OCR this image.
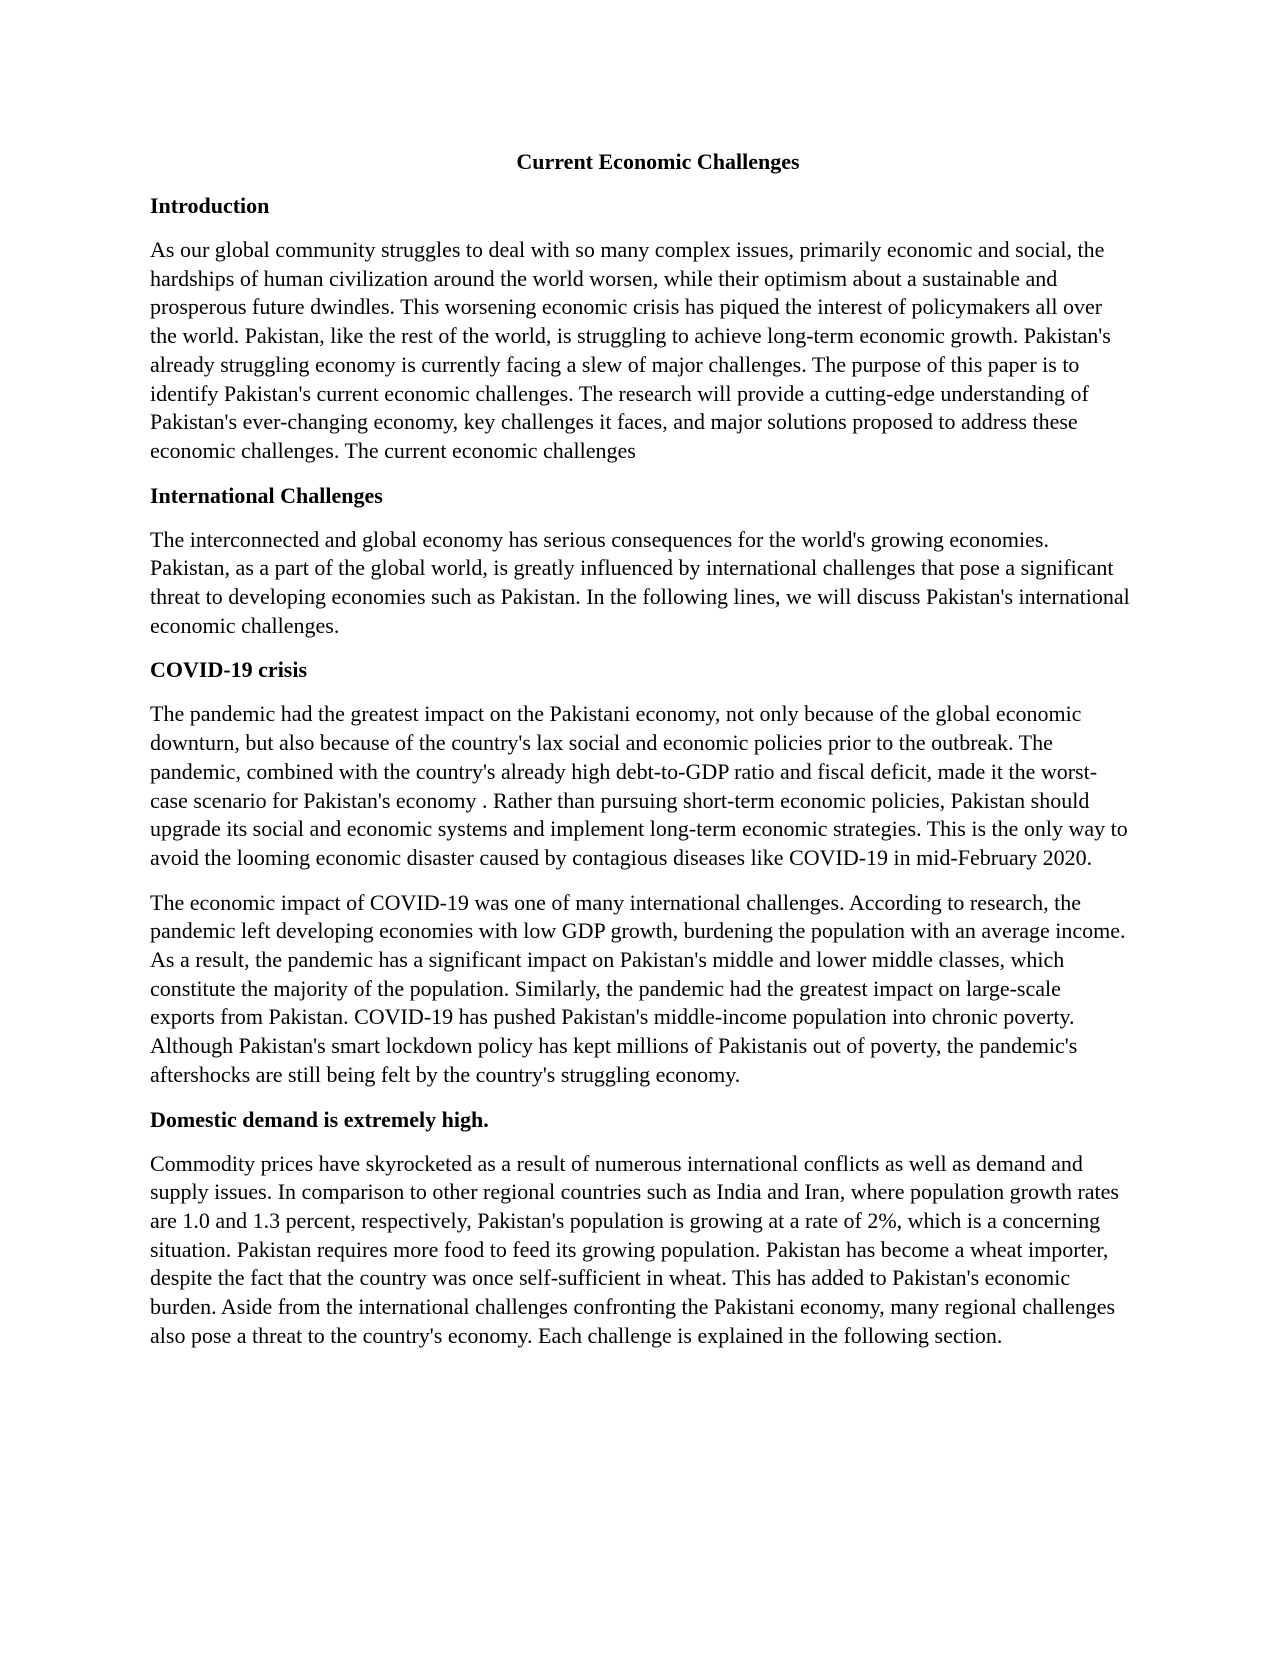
Current Economic Challenges
Introduction

As our global community struggles to deal with so many complex issues, primarily economic and social, the hardships of human civilization around the world worsen, while their optimism about a sustainable and prosperous future dwindles. This worsening economic crisis has piqued the interest of policymakers all over the world. Pakistan, like the rest of the world, is struggling to achieve long-term economic growth. Pakistan's already struggling economy is currently facing a slew of major challenges. The purpose of this paper is to identify Pakistan's current economic challenges. The research will provide a cutting-edge understanding of Pakistan's ever-changing economy, key challenges it faces, and major solutions proposed to address these economic challenges. The current economic challenges

International Challenges

The interconnected and global economy has serious consequences for the world's growing economies. Pakistan, as a part of the global world, is greatly influenced by international challenges that pose a significant threat to developing economies such as Pakistan. In the following lines, we will discuss Pakistan's international economic challenges.

COVID-19 crisis

The pandemic had the greatest impact on the Pakistani economy, not only because of the global economic downturn, but also because of the country's lax social and economic policies prior to the outbreak. The pandemic, combined with the country's already high debt-to-GDP ratio and fiscal deficit, made it the worst-case scenario for Pakistan's economy . Rather than pursuing short-term economic policies, Pakistan should upgrade its social and economic systems and implement long-term economic strategies. This is the only way to avoid the looming economic disaster caused by contagious diseases like COVID-19 in mid-February 2020.

The economic impact of COVID-19 was one of many international challenges. According to research, the pandemic left developing economies with low GDP growth, burdening the population with an average income. As a result, the pandemic has a significant impact on Pakistan's middle and lower middle classes, which constitute the majority of the population. Similarly, the pandemic had the greatest impact on large-scale exports from Pakistan. COVID-19 has pushed Pakistan's middle-income population into chronic poverty. Although Pakistan's smart lockdown policy has kept millions of Pakistanis out of poverty, the pandemic's aftershocks are still being felt by the country's struggling economy.

Domestic demand is extremely high.

Commodity prices have skyrocketed as a result of numerous international conflicts as well as demand and supply issues. In comparison to other regional countries such as India and Iran, where population growth rates are 1.0 and 1.3 percent, respectively, Pakistan's population is growing at a rate of 2%, which is a concerning situation. Pakistan requires more food to feed its growing population. Pakistan has become a wheat importer, despite the fact that the country was once self-sufficient in wheat. This has added to Pakistan's economic burden. Aside from the international challenges confronting the Pakistani economy, many regional challenges also pose a threat to the country's economy. Each challenge is explained in the following section.
